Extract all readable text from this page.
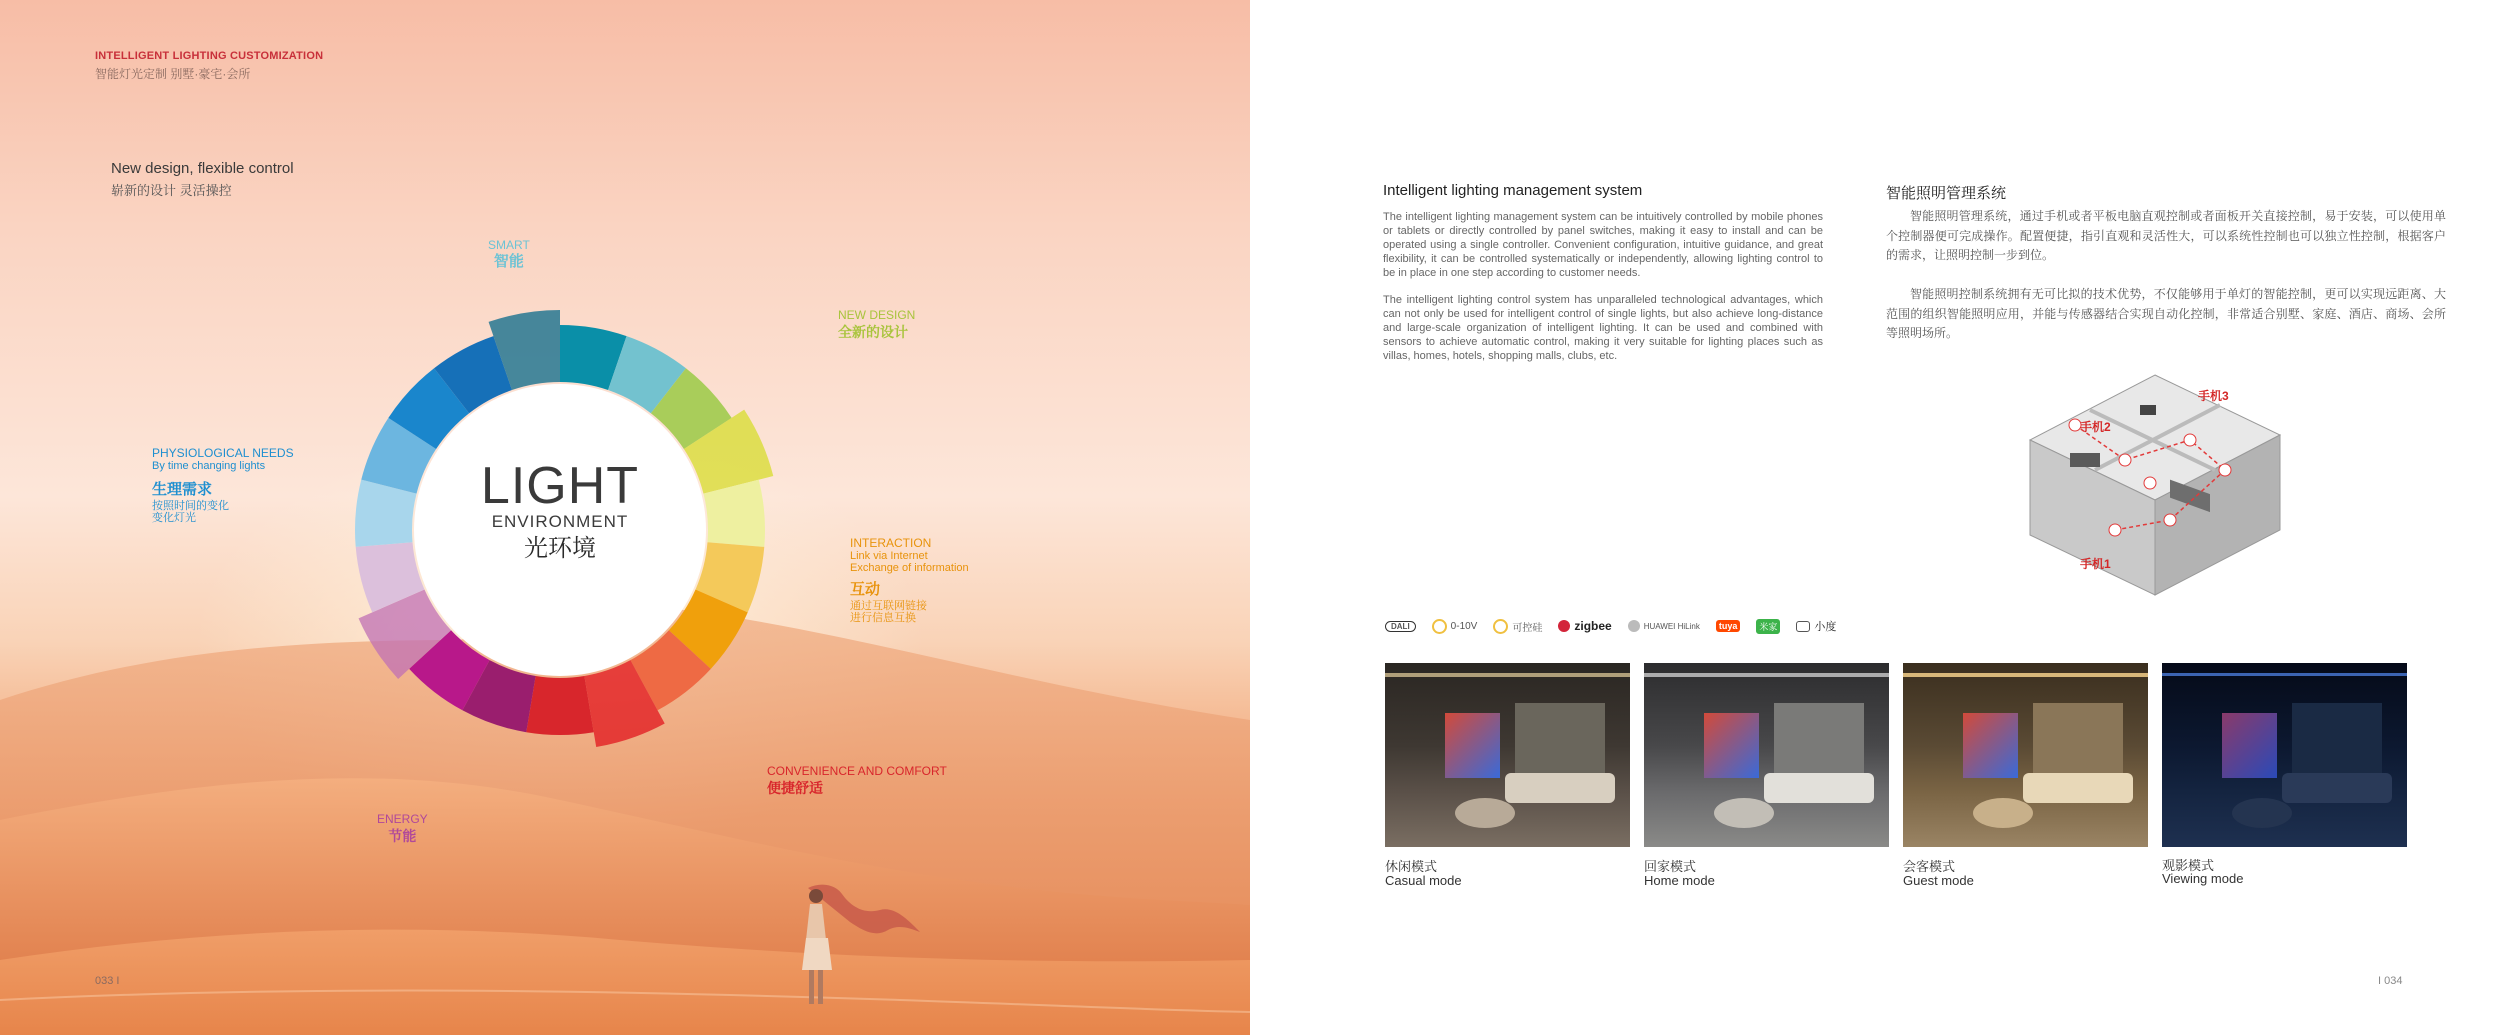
INTELLIGENT LIGHTING CUSTOMIZATION
智能灯光定制 别墅·豪宅·会所
New design, flexible control
崭新的设计 灵活操控
LIGHT
ENVIRONMENT
光环境
SMART
智能
NEW DESIGN
全新的设计
INTERACTION
Link via Internet
Exchange of information
互动
通过互联网链接
进行信息互换
CONVENIENCE AND COMFORT
便捷舒适
ENERGY
节能
PHYSIOLOGICAL NEEDS
By time changing lights
生理需求
按照时间的变化
变化灯光
033 I
Intelligent lighting management system
The intelligent lighting management system can be intuitively controlled by mobile phones or tablets or directly controlled by panel switches, making it easy to install and can be operated using a single controller. Convenient configuration, intuitive guidance, and great flexibility, it can be controlled systematically or independently, allowing lighting control to be in place in one step according to customer needs.
The intelligent lighting control system has unparalleled technological advantages, which can not only be used for intelligent control of single lights, but also achieve long-distance and large-scale organization of intelligent lighting. It can be used and combined with sensors to achieve automatic control, making it very suitable for lighting places such as villas, homes, hotels, shopping malls, clubs, etc.
智能照明管理系统
智能照明管理系统，通过手机或者平板电脑直观控制或者面板开关直接控制，易于安装，可以使用单个控制器便可完成操作。配置便捷，指引直观和灵活性大，可以系统性控制也可以独立性控制，根据客户的需求，让照明控制一步到位。
智能照明控制系统拥有无可比拟的技术优势，不仅能够用于单灯的智能控制，更可以实现远距离、大范围的组织智能照明应用，并能与传感器结合实现自动化控制，非常适合别墅、家庭、酒店、商场、会所等照明场所。
手机2
手机3
手机1
DALI	0-10V	可控硅	zigbee	HUAWEI HiLink	tuya	米家	小度
休闲模式
Casual mode
回家模式
Home mode
会客模式
Guest mode
观影模式
Viewing mode
I 034
